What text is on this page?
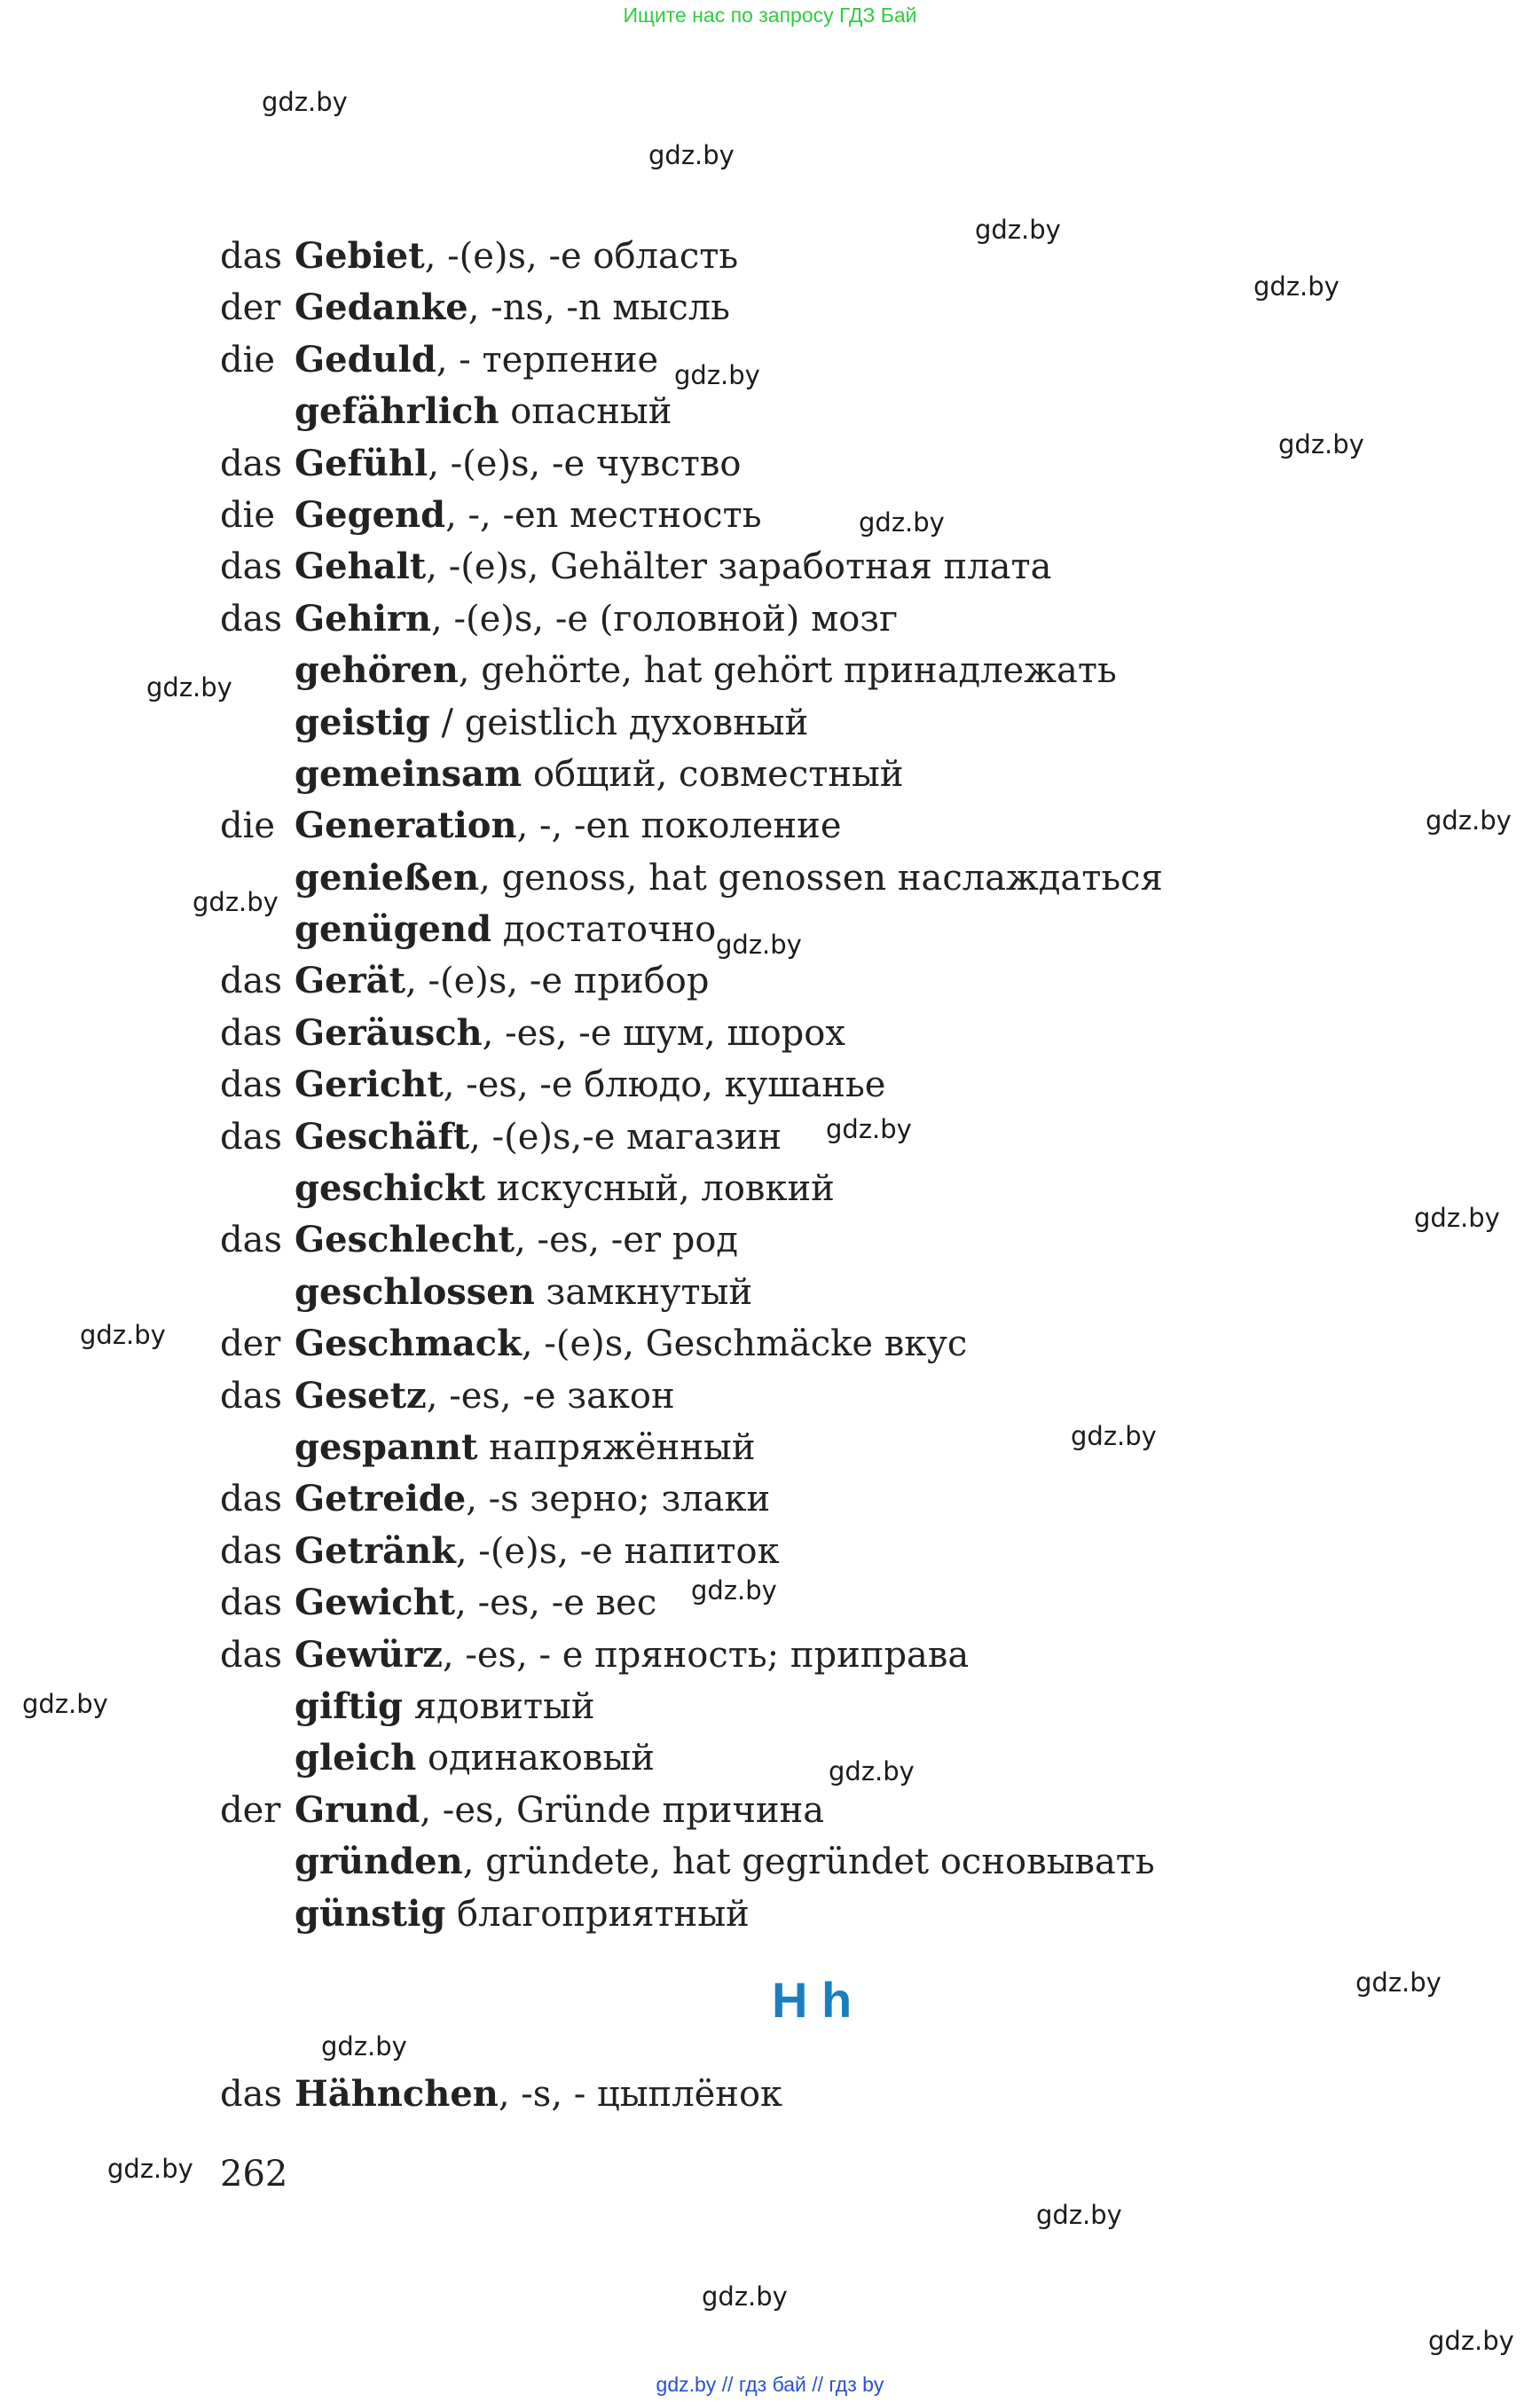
Ищите нас по запросу ГДЗ Бай
gdz.by
gdz.by
gdz.by
gdz.by
gdz.by
gdz.by
gdz.by
gdz.by
gdz.by
gdz.by
gdz.by
gdz.by
gdz.by
gdz.by
gdz.by
gdz.by
gdz.by
gdz.by
gdz.by
gdz.by
gdz.by
gdz.by
gdz.by
gdz.by
das Gebiet, -(e)s, -e область
der Gedanke, -ns, -n мысль
die Geduld, - терпение
gefährlich опасный
das Gefühl, -(e)s, -e чувство
die Gegend, -, -en местность
das Gehalt, -(e)s, Gehälter заработная плата
das Gehirn, -(e)s, -e (головной) мозг
gehören, gehörte, hat gehört принадлежать
geistig / geistlich духовный
gemeinsam общий, совместный
die Generation, -, -en поколение
genießen, genoss, hat genossen наслаждаться
genügend достаточно
das Gerät, -(e)s, -e прибор
das Geräusch, -es, -e шум, шорох
das Gericht, -es, -e блюдо, кушанье
das Geschäft, -(e)s,-e магазин
geschickt искусный, ловкий
das Geschlecht, -es, -er род
geschlossen замкнутый
der Geschmack, -(e)s, Geschmäcke вкус
das Gesetz, -es, -e закон
gespannt напряжённый
das Getreide, -s зерно; злаки
das Getränk, -(e)s, -e напиток
das Gewicht, -es, -e вес
das Gewürz, -es, - e пряность; приправа
giftig ядовитый
gleich одинаковый
der Grund, -es, Gründe причина
gründen, gründete, hat gegründet основывать
günstig благоприятный
H h
das Hähnchen, -s, - цыплёнок
262
gdz.by // гдз бай // гдз by
